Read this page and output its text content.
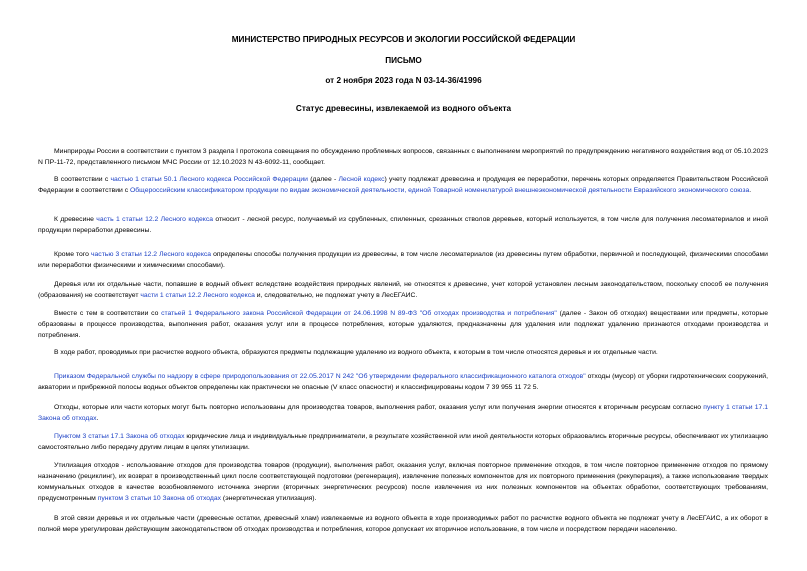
МИНИСТЕРСТВО ПРИРОДНЫХ РЕСУРСОВ И ЭКОЛОГИИ РОССИЙСКОЙ ФЕДЕРАЦИИ
ПИСЬМО
от 2 ноября 2023 года N 03-14-36/41996
Статус древесины, извлекаемой из водного объекта
Минприроды России в соответствии с пунктом 3 раздела I протокола совещания по обсуждению проблемных вопросов, связанных с выполнением мероприятий по предупреждению негативного воздействия вод от 05.10.2023 N ПР-11-72, представленного письмом МЧС России от 12.10.2023 N 43-6092-11, сообщает.
В соответствии с частью 1 статьи 50.1 Лесного кодекса Российской Федерации (далее - Лесной кодекс) учету подлежат древесина и продукция ее переработки, перечень которых определяется Правительством Российской Федерации в соответствии с Общероссийским классификатором продукции по видам экономической деятельности, единой Товарной номенклатурой внешнеэкономической деятельности Евразийского экономического союза.
К древесине часть 1 статьи 12.2 Лесного кодекса относит - лесной ресурс, получаемый из срубленных, спиленных, срезанных стволов деревьев, который используется, в том числе для получения лесоматериалов и иной продукции переработки древесины.
Кроме того частью 3 статьи 12.2 Лесного кодекса определены способы получения продукции из древесины, в том числе лесоматериалов (из древесины путем обработки, первичной и последующей, физическими способами или переработки физическими и химическими способами).
Деревья или их отдельные части, попавшие в водный объект вследствие воздействия природных явлений, не относятся к древесине, учет которой установлен лесным законодательством, поскольку способ ее получения (образования) не соответствует части 1 статьи 12.2 Лесного кодекса и, следовательно, не подлежат учету в ЛесЕГАИС.
Вместе с тем в соответствии со статьей 1 Федерального закона Российской Федерации от 24.06.1998 N 89-ФЗ "Об отходах производства и потребления" (далее - Закон об отходах) веществами или предметы, которые образованы в процессе производства, выполнения работ, оказания услуг или в процессе потребления, которые удаляются, предназначены для удаления или подлежат удалению признаются отходами производства и потребления.
В ходе работ, проводимых при расчистке водного объекта, образуются предметы подлежащие удалению из водного объекта, к которым в том числе относятся деревья и их отдельные части.
Приказом Федеральной службы по надзору в сфере природопользования от 22.05.2017 N 242 "Об утверждении федерального классификационного каталога отходов" отходы (мусор) от уборки гидротехнических сооружений, акватории и прибрежной полосы водных объектов определены как практически не опасные (V класс опасности) и классифицированы кодом 7 39 955 11 72 5.
Отходы, которые или части которых могут быть повторно использованы для производства товаров, выполнения работ, оказания услуг или получения энергии относятся к вторичным ресурсам согласно пункту 1 статьи 17.1 Закона об отходах.
Пунктом 3 статьи 17.1 Закона об отходах юридические лица и индивидуальные предприниматели, в результате хозяйственной или иной деятельности которых образовались вторичные ресурсы, обеспечивают их утилизацию самостоятельно либо передачу другим лицам в целях утилизации.
Утилизация отходов - использование отходов для производства товаров (продукции), выполнения работ, оказания услуг, включая повторное применение отходов, в том числе повторное применение отходов по прямому назначению (рециклинг), их возврат в производственный цикл после соответствующей подготовки (регенерация), извлечение полезных компонентов для их повторного применения (рекуперация), а также использование твердых коммунальных отходов в качестве возобновляемого источника энергии (вторичных энергетических ресурсов) после извлечения из них полезных компонентов на объектах обработки, соответствующих требованиям, предусмотренным пунктом 3 статьи 10 Закона об отходах (энергетическая утилизация).
В этой связи деревья и их отдельные части (древесные остатки, древесный хлам) извлекаемые из водного объекта в ходе производимых работ по расчистке водного объекта не подлежат учету в ЛесЕГАИС, а их оборот в полной мере урегулирован действующим законодательством об отходах производства и потребления, которое допускает их вторичное использование, в том числе и посредством передачи населению.
